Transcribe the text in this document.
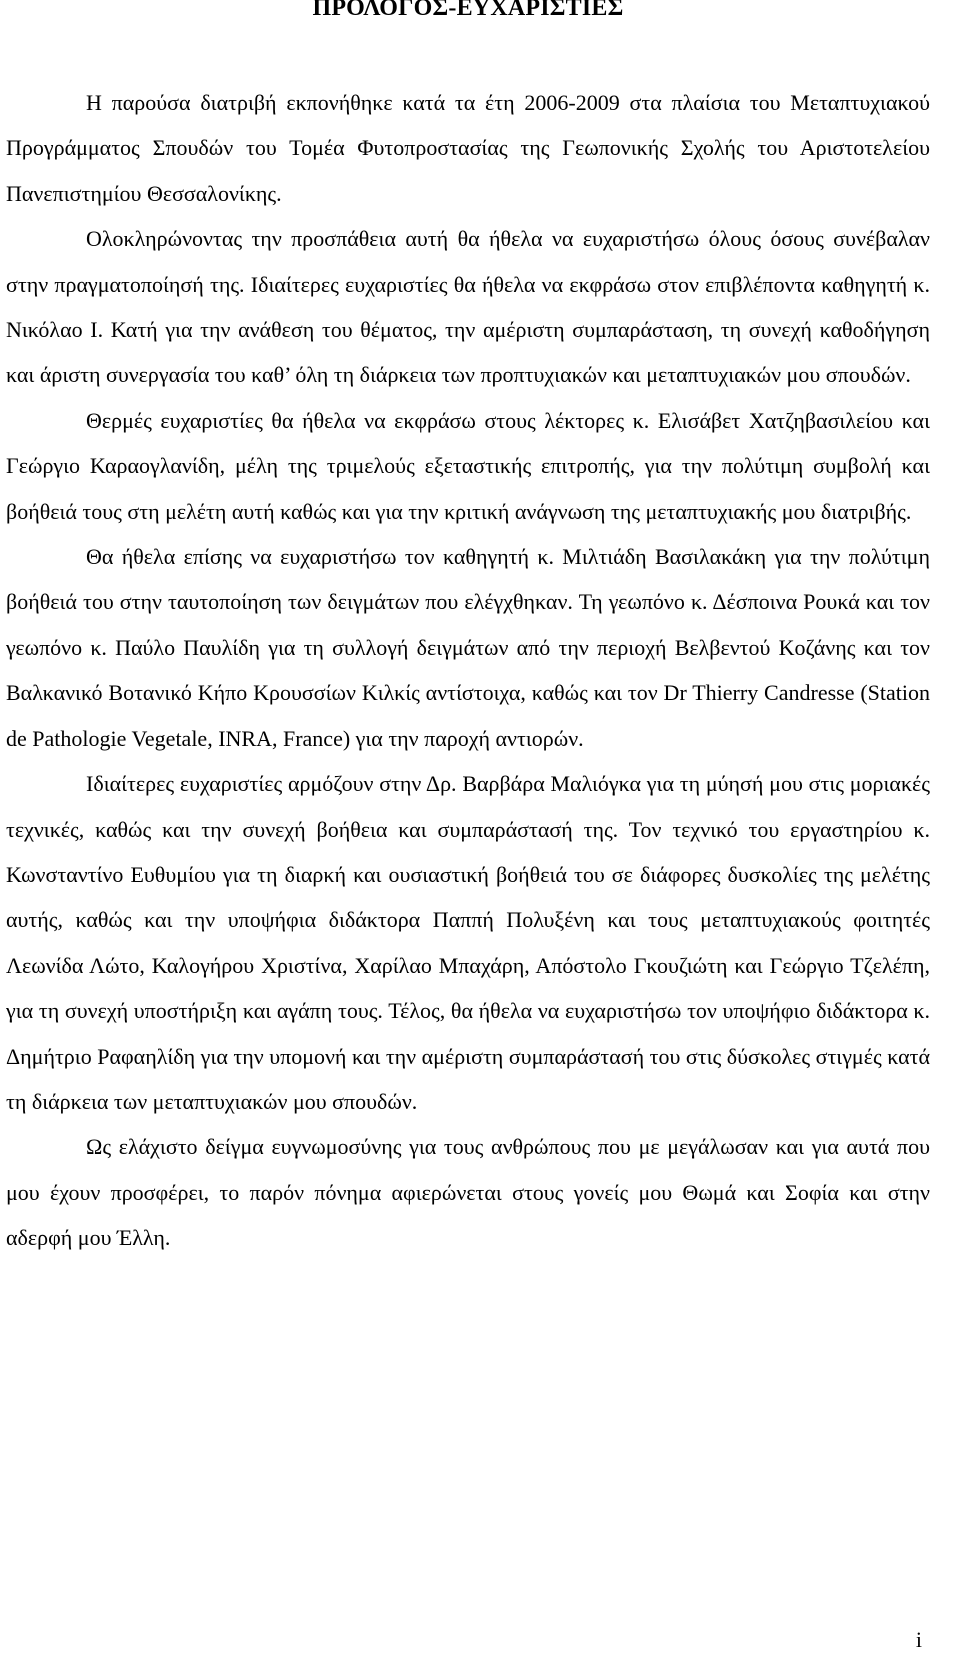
ΠΡΟΛΟΓΟΣ-ΕΥΧΑΡΙΣΤΙΕΣ

Η παρούσα διατριβή εκπονήθηκε κατά τα έτη 2006-2009 στα πλαίσια του Μεταπτυχιακού Προγράμματος Σπουδών του Τομέα Φυτοπροστασίας της Γεωπονικής Σχολής του Αριστοτελείου Πανεπιστημίου Θεσσαλονίκης.

Ολοκληρώνοντας την προσπάθεια αυτή θα ήθελα να ευχαριστήσω όλους όσους συνέβαλαν στην πραγματοποίησή της. Ιδιαίτερες ευχαριστίες θα ήθελα να εκφράσω στον επιβλέποντα καθηγητή κ. Νικόλαο Ι. Κατή για την ανάθεση του θέματος, την αμέριστη συμπαράσταση, τη συνεχή καθοδήγηση και άριστη συνεργασία του καθ’ όλη τη διάρκεια των προπτυχιακών και μεταπτυχιακών μου σπουδών.

Θερμές ευχαριστίες θα ήθελα να εκφράσω στους λέκτορες κ. Ελισάβετ Χατζηβασιλείου και Γεώργιο Καραογλανίδη, μέλη της τριμελούς εξεταστικής επιτροπής, για την πολύτιμη συμβολή και βοήθειά τους στη μελέτη αυτή καθώς και για την κριτική ανάγνωση της μεταπτυχιακής μου διατριβής.

Θα ήθελα επίσης να ευχαριστήσω τον καθηγητή κ. Μιλτιάδη Βασιλακάκη για την πολύτιμη βοήθειά του στην ταυτοποίηση των δειγμάτων που ελέγχθηκαν. Τη γεωπόνο κ. Δέσποινα Ρουκά και τον γεωπόνο κ. Παύλο Παυλίδη για τη συλλογή δειγμάτων από την περιοχή Βελβεντού Κοζάνης και τον Βαλκανικό Βοτανικό Κήπο Κρουσσίων Κιλκίς αντίστοιχα, καθώς και τον Dr Thierry Candresse (Station de Pathologie Vegetale, INRA, France) για την παροχή αντιορών.

Ιδιαίτερες ευχαριστίες αρμόζουν στην Δρ. Βαρβάρα Μαλιόγκα για τη μύησή μου στις μοριακές τεχνικές, καθώς και την συνεχή βοήθεια και συμπαράστασή της. Τον τεχνικό του εργαστηρίου κ. Κωνσταντίνο Ευθυμίου για τη διαρκή και ουσιαστική βοήθειά του σε διάφορες δυσκολίες της μελέτης αυτής, καθώς και την υποψήφια διδάκτορα Παππή Πολυξένη και τους μεταπτυχιακούς φοιτητές Λεωνίδα Λώτο, Καλογήρου Χριστίνα, Χαρίλαο Μπαχάρη, Απόστολο Γκουζιώτη και Γεώργιο Τζελέπη, για τη συνεχή υποστήριξη και αγάπη τους. Τέλος, θα ήθελα να ευχαριστήσω τον υποψήφιο διδάκτορα κ. Δημήτριο Ραφαηλίδη για την υπομονή και την αμέριστη συμπαράστασή του στις δύσκολες στιγμές κατά τη διάρκεια των μεταπτυχιακών μου σπουδών.

Ως ελάχιστο δείγμα ευγνωμοσύνης για τους ανθρώπους που με μεγάλωσαν και για αυτά που μου έχουν προσφέρει, το παρόν πόνημα αφιερώνεται στους γονείς μου Θωμά και Σοφία και στην αδερφή μου Έλλη.

i
